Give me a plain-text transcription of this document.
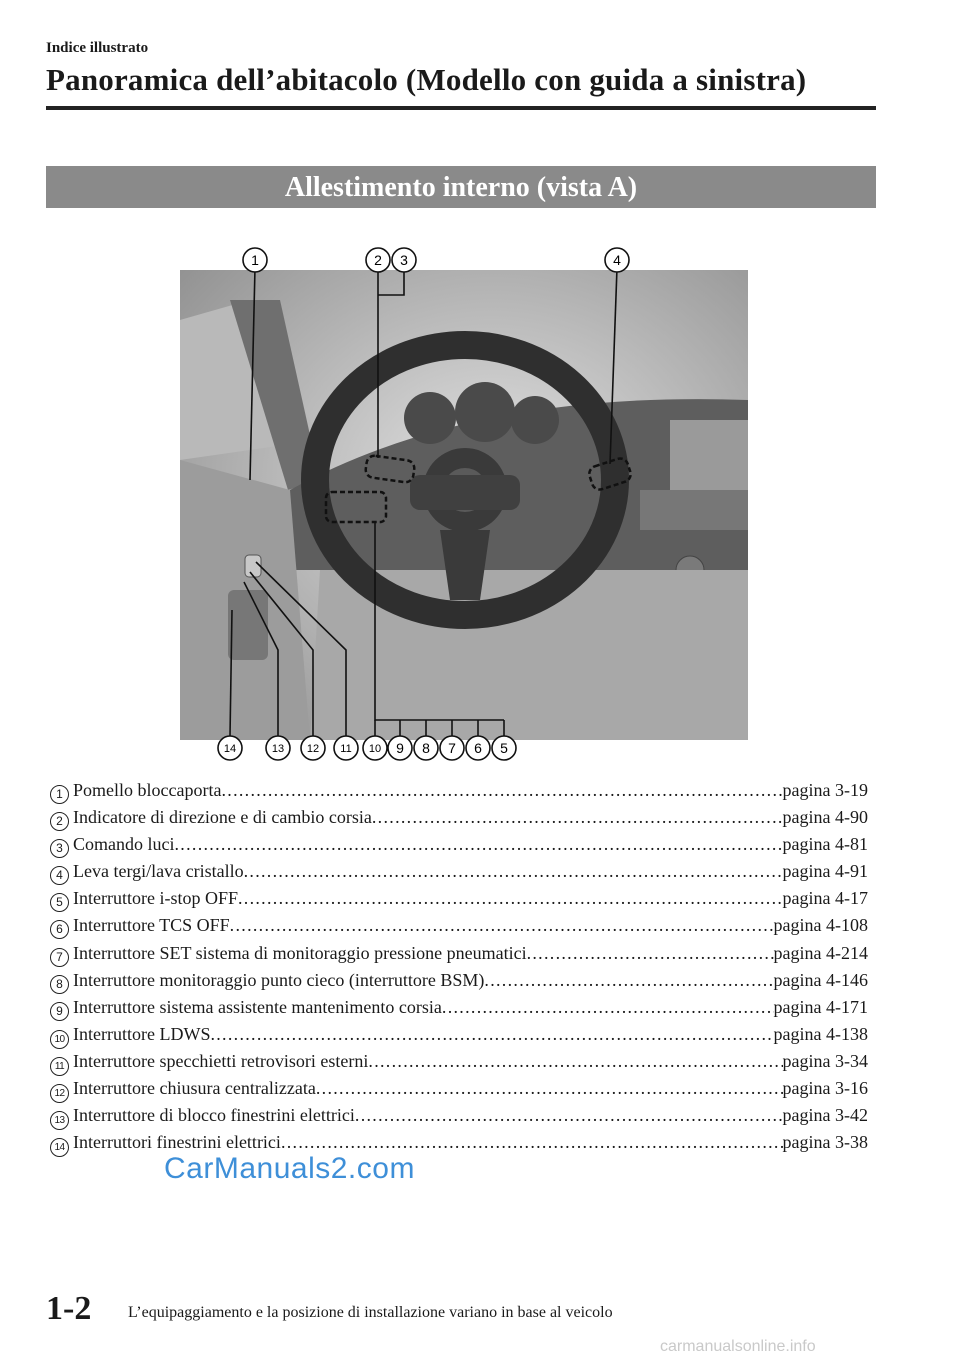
Indice illustrato
Panoramica dell’abitacolo (Modello con guida a sinistra)
Allestimento interno (vista A)
1	2 3	4
14	13 12 11 10 9 8 7 6 5
1 Pomello bloccaporta .....	pagina 3-19
2 Indicatore di direzione e di cambio corsia .....	pagina 4-90
3 Comando luci .....	pagina 4-81
4 Leva tergi/lava cristallo .....	pagina 4-91
5 Interruttore i-stop OFF .....	pagina 4-17
6 Interruttore TCS OFF .....	pagina 4-108
7 Interruttore SET sistema di monitoraggio pressione pneumatici .....	pagina 4-214
8 Interruttore monitoraggio punto cieco (interruttore BSM) .....	pagina 4-146
9 Interruttore sistema assistente mantenimento corsia .....	pagina 4-171
10 Interruttore LDWS .....	pagina 4-138
11 Interruttore specchietti retrovisori esterni .....	pagina 3-34
12 Interruttore chiusura centralizzata .....	pagina 3-16
13 Interruttore di blocco finestrini elettrici .....	pagina 3-42
14 Interruttori finestrini elettrici .....	pagina 3-38
CarManuals2.com
1-2 L’equipaggiamento e la posizione di installazione variano in base al veicolo
carmanualsonline.info
